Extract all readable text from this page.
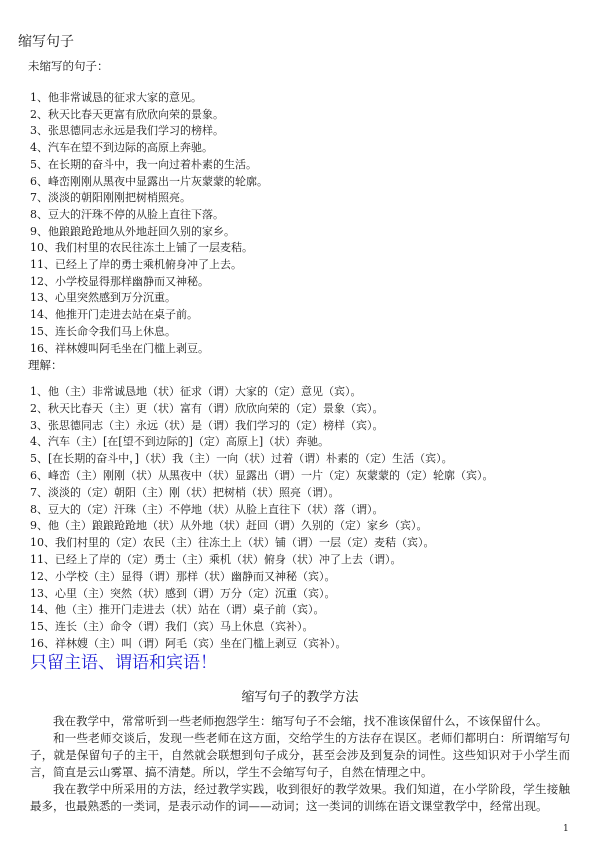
缩写句子
未缩写的句子：
1、他非常诚恳的征求大家的意见。
2、秋天比春天更富有欣欣向荣的景象。
3、张思德同志永远是我们学习的榜样。
4、汽车在望不到边际的高原上奔驰。
5、在长期的奋斗中，我一向过着朴素的生活。
6、峰峦刚刚从黑夜中显露出一片灰蒙蒙的轮廓。
7、淡淡的朝阳刚刚把树梢照亮。
8、豆大的汗珠不停的从脸上直往下落。
9、他踉踉跄跄地从外地赶回久别的家乡。
10、我们村里的农民往冻土上铺了一层麦秸。
11、已经上了岸的勇士乘机俯身冲了上去。
12、小学校显得那样幽静而又神秘。
13、心里突然感到万分沉重。
14、他推开门走进去站在桌子前。
15、连长命令我们马上休息。
16、祥林嫂叫阿毛坐在门槛上剥豆。
理解：
1、他（主）非常诚恳地（状）征求（谓）大家的（定）意见（宾）。
2、秋天比春天（主）更（状）富有（谓）欣欣向荣的（定）景象（宾）。
3、张思德同志（主）永远（状）是（谓）我们学习的（定）榜样（宾）。
4、汽车（主）[在[望不到边际的]（定）高原上]（状）奔驰。
5、[在长期的奋斗中，]（状）我（主）一向（状）过着（谓）朴素的（定）生活（宾）。
6、峰峦（主）刚刚（状）从黑夜中（状）显露出（谓）一片（定）灰蒙蒙的（定）轮廓（宾）。
7、淡淡的（定）朝阳（主）刚（状）把树梢（状）照亮（谓）。
8、豆大的（定）汗珠（主）不停地（状）从脸上直往下（状）落（谓）。
9、他（主）踉踉跄跄地（状）从外地（状）赶回（谓）久别的（定）家乡（宾）。
10、我们村里的（定）农民（主）往冻土上（状）铺（谓）一层（定）麦秸（宾）。
11、已经上了岸的（定）勇士（主）乘机（状）俯身（状）冲了上去（谓）。
12、小学校（主）显得（谓）那样（状）幽静而又神秘（宾）。
13、心里（主）突然（状）感到（谓）万分（定）沉重（宾）。
14、他（主）推开门走进去（状）站在（谓）桌子前（宾）。
15、连长（主）命令（谓）我们（宾）马上休息（宾补）。
16、祥林嫂（主）叫（谓）阿毛（宾）坐在门槛上剥豆（宾补）。
只留主语、谓语和宾语！
缩写句子的教学方法

我在教学中，常常听到一些老师抱怨学生：缩写句子不会缩，找不准该保留什么，不该保留什么。

和一些老师交谈后，发现一些老师在这方面，交给学生的方法存在误区。老师们都明白：所谓缩写句子，就是保留句子的主干，自然就会联想到句子成分，甚至会涉及到复杂的词性。这些知识对于小学生而言，简直是云山雾罩、搞不清楚。所以，学生不会缩写句子，自然在情理之中。

我在教学中所采用的方法，经过教学实践，收到很好的教学效果。我们知道，在小学阶段，学生接触最多，也最熟悉的一类词，是表示动作的词——动词；这一类词的训练在语文课堂教学中，经常出现。

1
